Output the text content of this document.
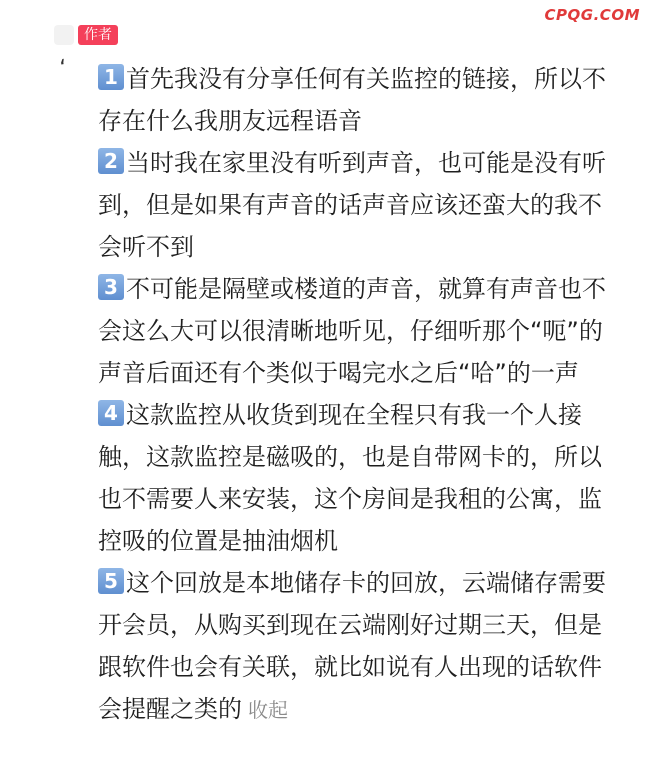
CPQG.COM
作者
‘	1 首先我没有分享任何有关监控的链接，所以不存在什么我朋友远程语音

2 当时我在家里没有听到声音，也可能是没有听到，但是如果有声音的话声音应该还蛮大的我不会听不到

3 不可能是隔壁或楼道的声音，就算有声音也不会这么大可以很清晰地听见，仔细听那个“呃”的声音后面还有个类似于喝完水之后“哈”的一声

4 这款监控从收货到现在全程只有我一个人接触，这款监控是磁吸的，也是自带网卡的，所以也不需要人来安装，这个房间是我租的公寓，监控吸的位置是抽油烟机

5 这个回放是本地储存卡的回放，云端储存需要开会员，从购买到现在云端刚好过期三天，但是跟软件也会有关联，就比如说有人出现的话软件会提醒之类的 收起
